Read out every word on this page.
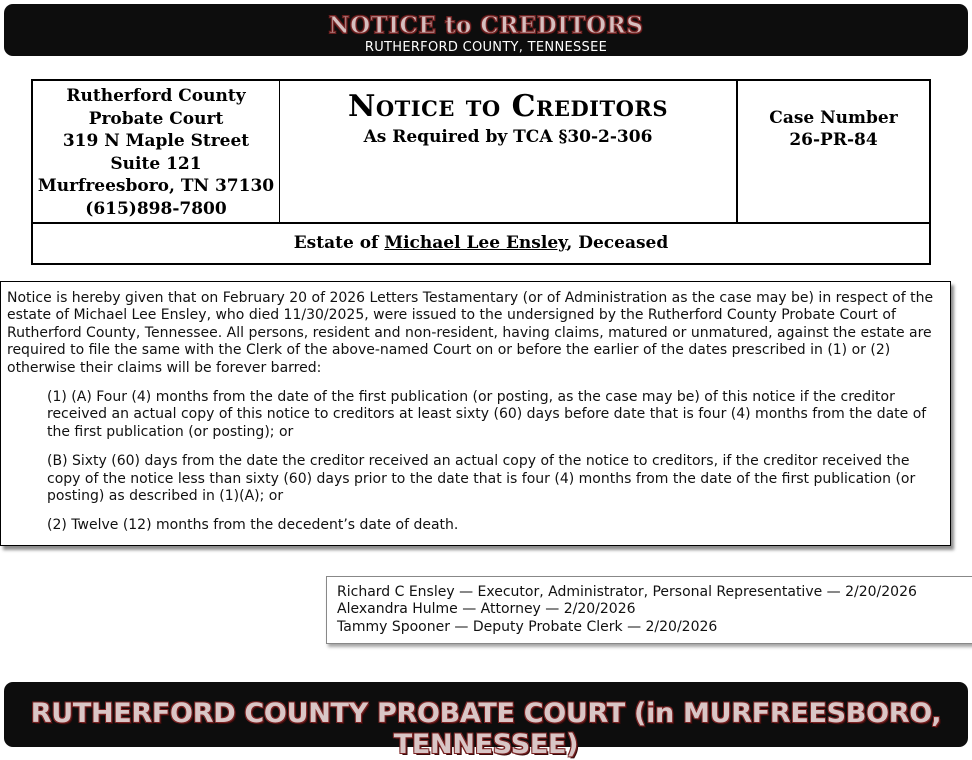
NOTICE to CREDITORS
RUTHERFORD COUNTY, TENNESSEE
Rutherford County
Probate Court
319 N Maple Street
Suite 121
Murfreesboro, TN 37130
(615)898-7800
Notice to Creditors
As Required by TCA §30-2-306
Case Number
26-PR-84
Estate of Michael Lee Ensley, Deceased

Notice is hereby given that on February 20 of 2026 Letters Testamentary (or of Administration as the case may be) in respect of the estate of Michael Lee Ensley, who died 11/30/2025, were issued to the undersigned by the Rutherford County Probate Court of Rutherford County, Tennessee. All persons, resident and non-resident, having claims, matured or unmatured, against the estate are required to file the same with the Clerk of the above-named Court on or before the earlier of the dates prescribed in (1) or (2) otherwise their claims will be forever barred:

(1) (A) Four (4) months from the date of the first publication (or posting, as the case may be) of this notice if the creditor received an actual copy of this notice to creditors at least sixty (60) days before date that is four (4) months from the date of the first publication (or posting); or

(B) Sixty (60) days from the date the creditor received an actual copy of the notice to creditors, if the creditor received the copy of the notice less than sixty (60) days prior to the date that is four (4) months from the date of the first publication (or posting) as described in (1)(A); or

(2) Twelve (12) months from the decedent’s date of death.

Richard C Ensley — Executor, Administrator, Personal Representative — 2/20/2026
Alexandra Hulme — Attorney — 2/20/2026
Tammy Spooner — Deputy Probate Clerk — 2/20/2026
RUTHERFORD COUNTY PROBATE COURT (in MURFREESBORO, TENNESSEE)
